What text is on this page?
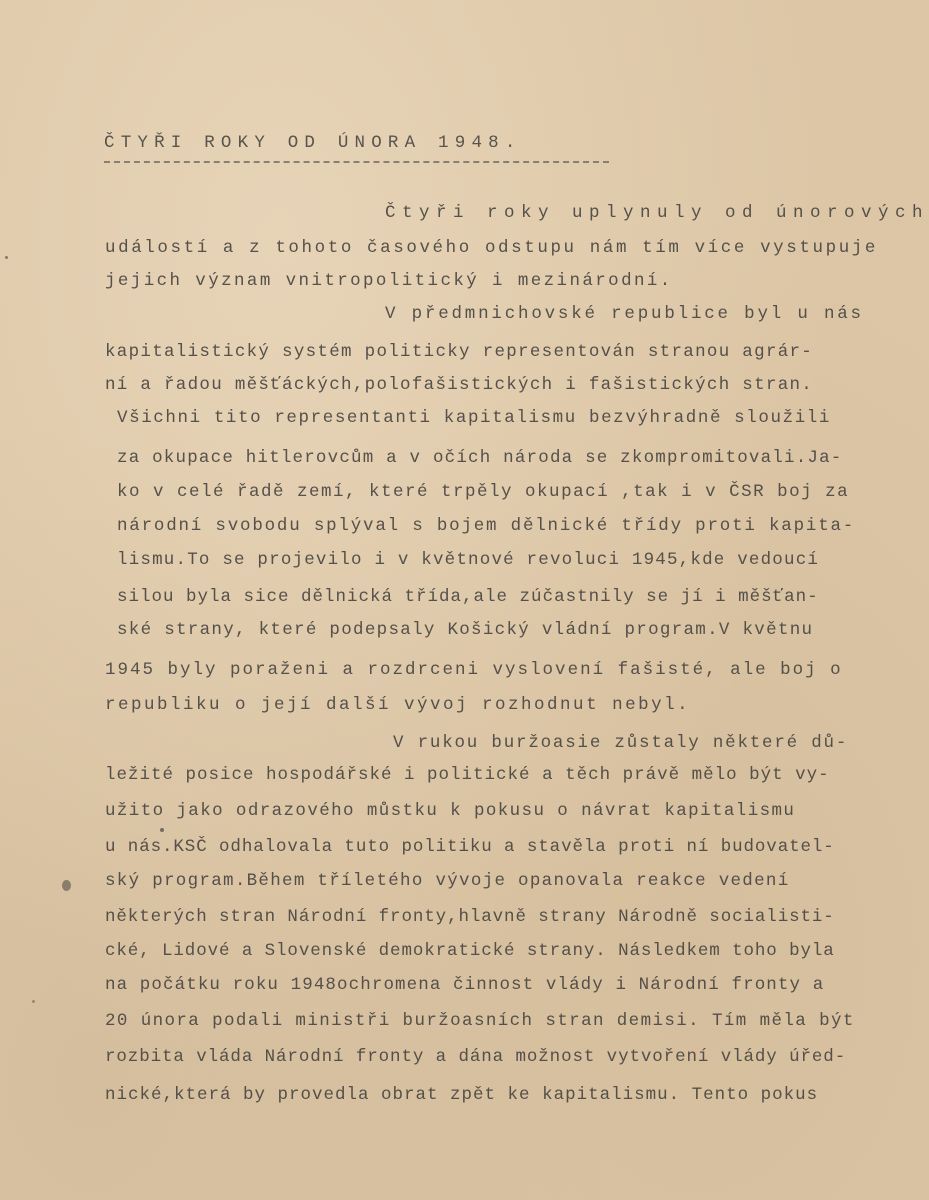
ČTYŘI ROKY OD ÚNORA 1948.
Čtyři roky uplynuly od únorových
událostí a z tohoto časového odstupu nám tím více vystupuje
jejich význam vnitropolitický i mezinárodní.
V předmnichovské republice byl u nás
kapitalistický systém politicky representován stranou agrár-
ní a řadou měšťáckých,polofašistických i fašistických stran.
Všichni tito representanti kapitalismu bezvýhradně sloužili
za okupace hitlerovcům a v očích národa se zkompromitovali.Ja-
ko v celé řadě zemí, které trpěly okupací ,tak i v ČSR boj za
národní svobodu splýval s bojem dělnické třídy proti kapita-
lismu.To se projevilo i v květnové revoluci 1945,kde vedoucí
silou byla sice dělnická třída,ale zúčastnily se jí i měšťan-
ské strany, které podepsaly Košický vládní program.V květnu
1945 byly poraženi a rozdrceni vyslovení fašisté, ale boj o
republiku o její další vývoj rozhodnut nebyl.
V rukou buržoasie zůstaly některé dů-
ležité posice hospodářské i politické a těch právě mělo být vy-
užito jako odrazového můstku k pokusu o návrat kapitalismu
u nás.KSČ odhalovala tuto politiku a stavěla proti ní budovatel-
ský program.Během tříletého vývoje opanovala reakce vedení
některých stran Národní fronty,hlavně strany Národně socialisti-
cké, Lidové a Slovenské demokratické strany. Následkem toho byla
na počátku roku 1948ochromena činnost vlády i Národní fronty a
20 února podali ministři buržoasních stran demisi. Tím měla být
rozbita vláda Národní fronty a dána možnost vytvoření vlády úřed-
nické,která by provedla obrat zpět ke kapitalismu. Tento pokus
